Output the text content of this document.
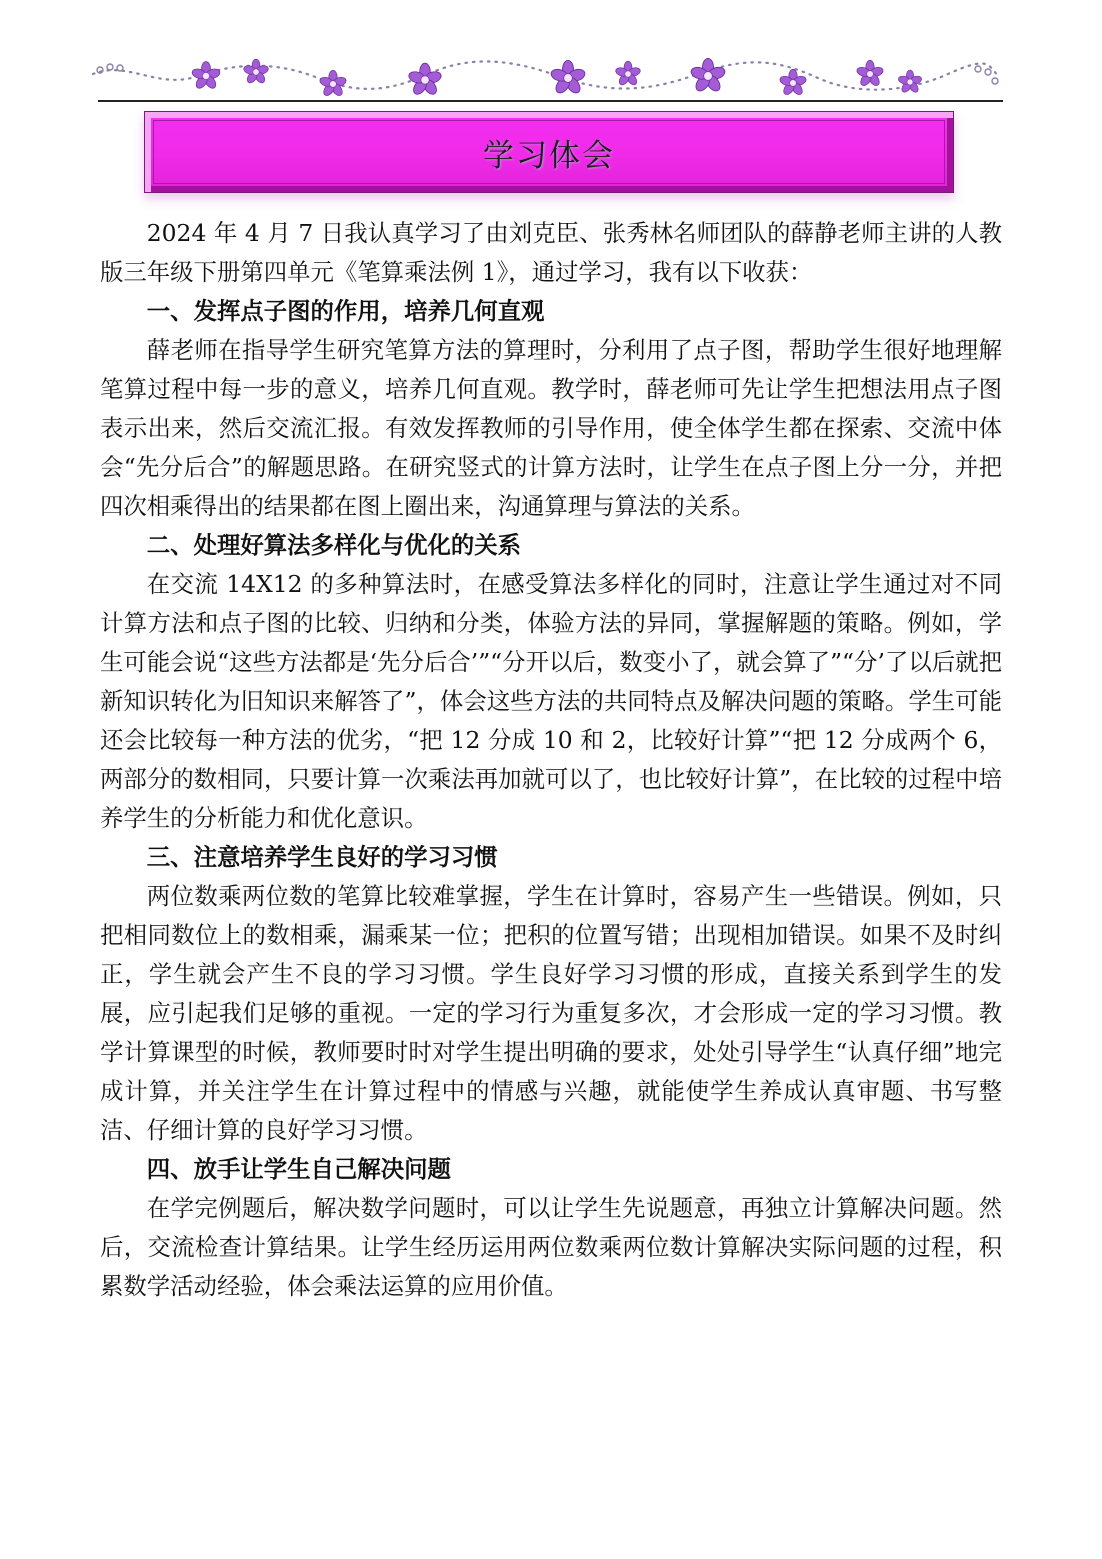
学习体会

2024 年 4 月 7 日我认真学习了由刘克臣、张秀林名师团队的薛静老师主讲的人教版三年级下册第四单元《笔算乘法例 1》，通过学习，我有以下收获：

一、发挥点子图的作用，培养几何直观

薛老师在指导学生研究笔算方法的算理时，分利用了点子图，帮助学生很好地理解笔算过程中每一步的意义，培养几何直观。教学时，薛老师可先让学生把想法用点子图表示出来，然后交流汇报。有效发挥教师的引导作用，使全体学生都在探索、交流中体会“先分后合”的解题思路。在研究竖式的计算方法时，让学生在点子图上分一分，并把四次相乘得出的结果都在图上圈出来，沟通算理与算法的关系。

二、处理好算法多样化与优化的关系

在交流 14X12 的多种算法时，在感受算法多样化的同时，注意让学生通过对不同计算方法和点子图的比较、归纳和分类，体验方法的异同，掌握解题的策略。例如，学生可能会说“这些方法都是‘先分后合’”“分开以后，数变小了，就会算了”“分’了以后就把新知识转化为旧知识来解答了”，体会这些方法的共同特点及解决问题的策略。学生可能还会比较每一种方法的优劣，“把 12 分成 10 和 2，比较好计算”“把 12 分成两个 6，两部分的数相同，只要计算一次乘法再加就可以了，也比较好计算”，在比较的过程中培养学生的分析能力和优化意识。

三、注意培养学生良好的学习习惯

两位数乘两位数的笔算比较难掌握，学生在计算时，容易产生一些错误。例如，只把相同数位上的数相乘，漏乘某一位；把积的位置写错；出现相加错误。如果不及时纠正，学生就会产生不良的学习习惯。学生良好学习习惯的形成，直接关系到学生的发展，应引起我们足够的重视。一定的学习行为重复多次，才会形成一定的学习习惯。教学计算课型的时候，教师要时时对学生提出明确的要求，处处引导学生“认真仔细”地完成计算，并关注学生在计算过程中的情感与兴趣，就能使学生养成认真审题、书写整洁、仔细计算的良好学习习惯。

四、放手让学生自己解决问题

在学完例题后，解决数学问题时，可以让学生先说题意，再独立计算解决问题。然后，交流检查计算结果。让学生经历运用两位数乘两位数计算解决实际问题的过程，积累数学活动经验，体会乘法运算的应用价值。
